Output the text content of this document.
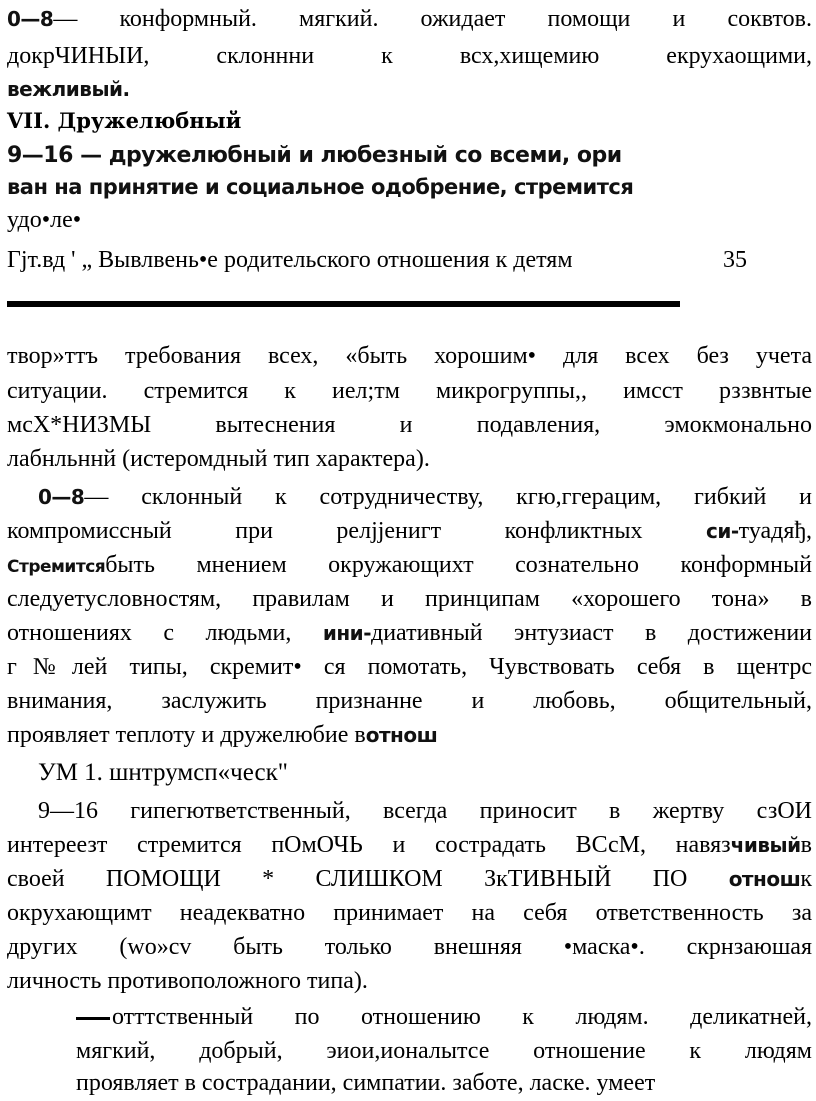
0—8— конформный. мягкий. ожидает помощи и соквтов.
докрЧИНЫИ, склоннни к всх,хищемию екрухаощими,
вежливый.
VII. Дружелюбный
9—16 — дружелюбный и любезный со всеми, ори
ван на принятие и социальное одобрение, стремится
удо•ле•
Гјт.вд ' „ Вывлвень•е родительского отношения к детям	35
твор»ттъ требования всех, «быть хорошим• для всех без учета
ситуации. стремится к иел;тм микрогруппы,, имсст рззвнтые
мсХ*НИЗМЫ вытеснения и подавления, эмокмонально
лабнльннй (истеромдный тип характера).
0—8— склонный к сотрудничеству, кгю,ггерацим, гибкий и
компромиссный при релјјенигт конфликтных си-туадяђ,
Стремитсябыть мнением окружающихт сознательно конформный
следуетусловностям, правилам и принципам «хорошего тона» в
отношениях с людьми, ини-диативный энтузиаст в достижении
г№лей типы, скремит• ся помотать, Чувствовать себя в щентрс
внимания, заслужить признанне и любовь, общительный,
проявляет теплоту и дружелюбие вотнош
УМ 1. шнтрумсп«ческ"
9—16 гипегютветственный, всегда приносит в жертву сзОИ
интереезт стремится пОмОЧЬ и сострадать ВСсМ, навязчивыйв
своей ПОМОЩИ * СЛИШКОМ ЗкТИВНЫЙ ПО отношк
окрухающимт неадекватно принимает на себя ответственность за
других (wo»cv быть только внешняя •маска•. скрнзаюшая
личность противоположного типа).
отттственный по отношению к людям. деликатней,
мягкий, добрый, эиои,ионалытсе отношение к людям
проявляет в сострадании, симпатии. заботе, ласке. умеет
